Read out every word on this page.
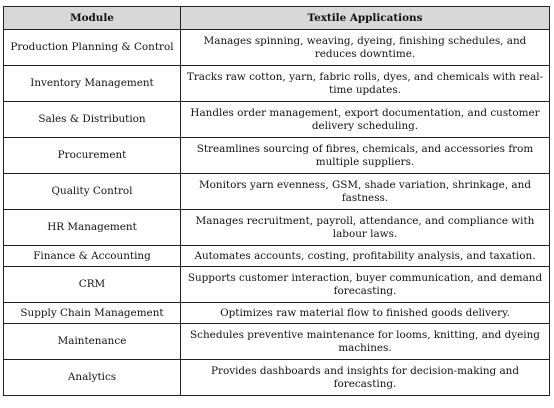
Module	Textile Applications
Production Planning & Control	Manages spinning, weaving, dyeing, finishing schedules, and reduces downtime.
Inventory Management	Tracks raw cotton, yarn, fabric rolls, dyes, and chemicals with real-time updates.
Sales & Distribution	Handles order management, export documentation, and customer delivery scheduling.
Procurement	Streamlines sourcing of fibres, chemicals, and accessories from multiple suppliers.
Quality Control	Monitors yarn evenness, GSM, shade variation, shrinkage, and fastness.
HR Management	Manages recruitment, payroll, attendance, and compliance with labour laws.
Finance & Accounting	Automates accounts, costing, profitability analysis, and taxation.
CRM	Supports customer interaction, buyer communication, and demand forecasting.
Supply Chain Management	Optimizes raw material flow to finished goods delivery.
Maintenance	Schedules preventive maintenance for looms, knitting, and dyeing machines.
Analytics	Provides dashboards and insights for decision-making and forecasting.
